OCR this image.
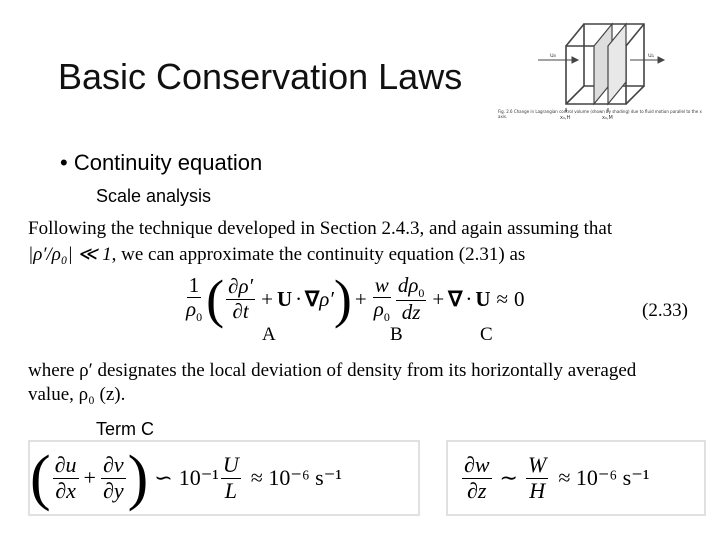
Basic Conservation Laws
u₀	u₁
x₀,H	x₀,M
Fig. 2.6 Change in Lagrangian control volume (shown by shading) due to fluid motion parallel to the x axis.
• Continuity equation
Scale analysis
Following the technique developed in Section 2.4.3, and again assuming that
|ρ′/ρ₀| ≪ 1, we can approximate the continuity equation (2.31) as
$\frac{1}{\rho_0}$ ( $\frac{\partial\rho'}{\partial t} + U$ · ∇ ρ′ ) + $\frac{w}{\rho_0} \frac{d\rho_0}{dz}$ + ∇ · U ≈ 0	(2.33)
A	B	C
where ρ′ designates the local deviation of density from its horizontally averaged
value, ρ₀ (z).
Term C
( $\frac{\partial u}{\partial x} + \frac{\partial v}{\partial y}$ ) ∽ $10^{-1} \frac{U}{L} \approx 10^{-6}$ s⁻¹	$\frac{\partial w}{\partial z}$ ∼ $\frac{W}{H} \approx 10^{-6}$ s⁻¹
